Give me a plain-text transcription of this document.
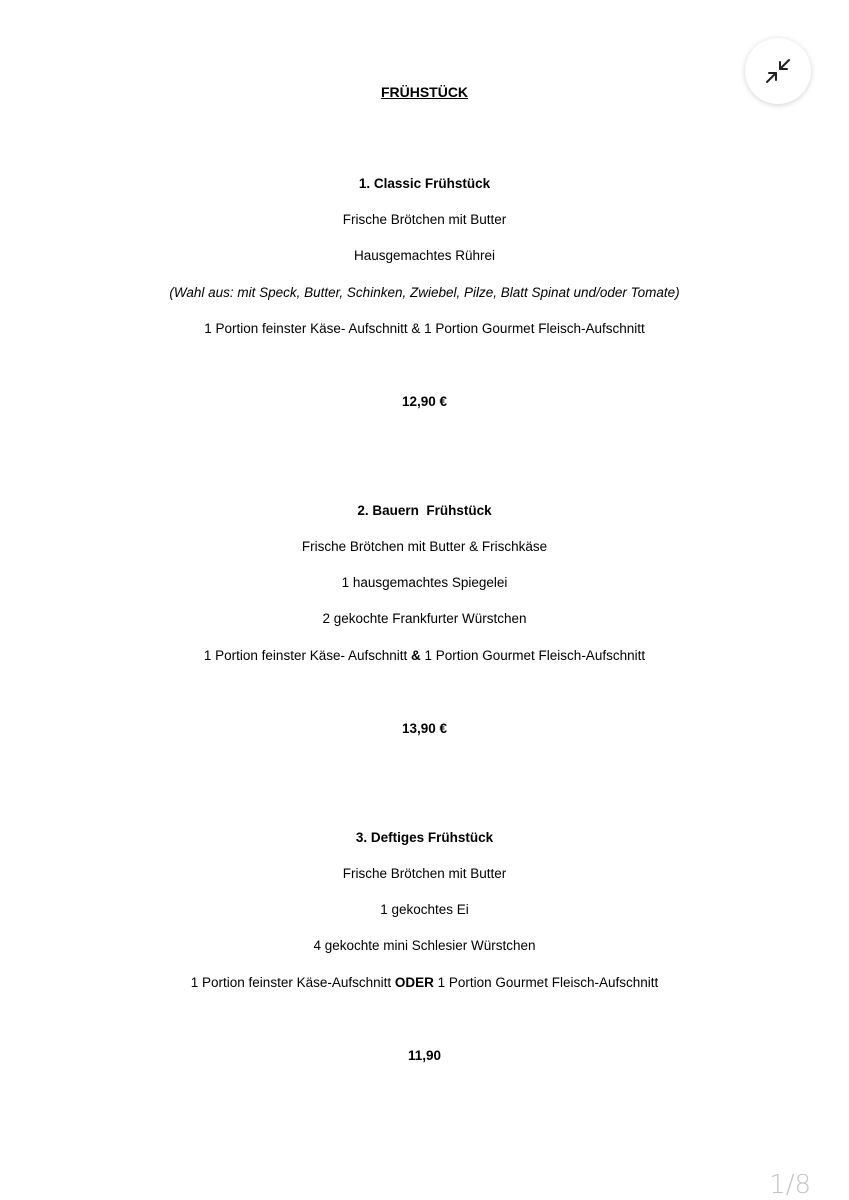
FRÜHSTÜCK
1. Classic Frühstück
Frische Brötchen mit Butter
Hausgemachtes Rührei
(Wahl aus: mit Speck, Butter, Schinken, Zwiebel, Pilze, Blatt Spinat und/oder Tomate)
1 Portion feinster Käse- Aufschnitt & 1 Portion Gourmet Fleisch-Aufschnitt
12,90 €
2. Bauern  Frühstück
Frische Brötchen mit Butter & Frischkäse
1 hausgemachtes Spiegelei
2 gekochte Frankfurter Würstchen
1 Portion feinster Käse- Aufschnitt & 1 Portion Gourmet Fleisch-Aufschnitt
13,90 €
3. Deftiges Frühstück
Frische Brötchen mit Butter
1 gekochtes Ei
4 gekochte mini Schlesier Würstchen
1 Portion feinster Käse-Aufschnitt ODER 1 Portion Gourmet Fleisch-Aufschnitt
11,90
1/8
